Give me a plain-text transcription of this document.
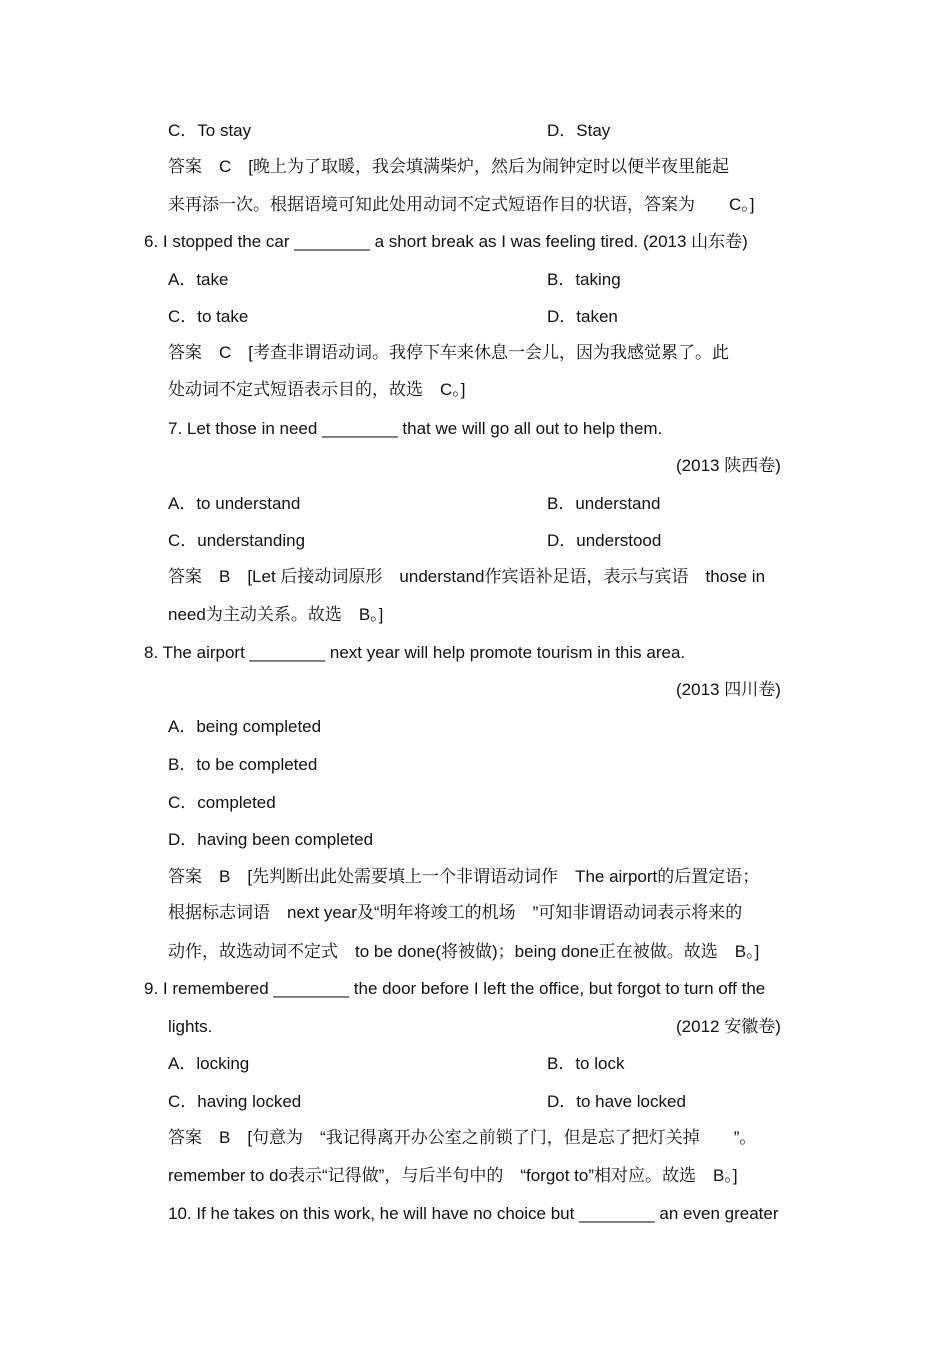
C．To stay	D．Stay
答案　C　[晚上为了取暖，我会填满柴炉，然后为闹钟定时以便半夜里能起
来再添一次。根据语境可知此处用动词不定式短语作目的状语，答案为　　C。]
6. I stopped the car ________ a short break as I was feeling tired. (2013 山东卷)
A．take	B．taking
C．to take	D．taken
答案　C　[考查非谓语动词。我停下车来休息一会儿，因为我感觉累了。此
处动词不定式短语表示目的，故选　C。]
7. Let those in need ________ that we will go all out to help them.
(2013 陕西卷)
A．to understand	B．understand
C．understanding	D．understood
答案　B　[Let 后接动词原形　understand作宾语补足语，表示与宾语　those in
need为主动关系。故选　B。]
8. The airport ________ next year will help promote tourism in this area.
(2013 四川卷)
A．being completed
B．to be completed
C．completed
D．having been completed
答案　B　[先判断出此处需要填上一个非谓语动词作　The airport的后置定语；
根据标志词语　next year及“明年将竣工的机场　”可知非谓语动词表示将来的
动作，故选动词不定式　to be done(将被做)；being done正在被做。故选　B。]
9. I remembered ________ the door before I left the office, but forgot to turn off the
lights.	(2012 安徽卷)
A．locking	B．to lock
C．having locked	D．to have locked
答案　B　[句意为　“我记得离开办公室之前锁了门，但是忘了把灯关掉　　”。
remember to do表示“记得做”，与后半句中的　“forgot to”相对应。故选　B。]
10. If he takes on this work, he will have no choice but ________ an even greater
